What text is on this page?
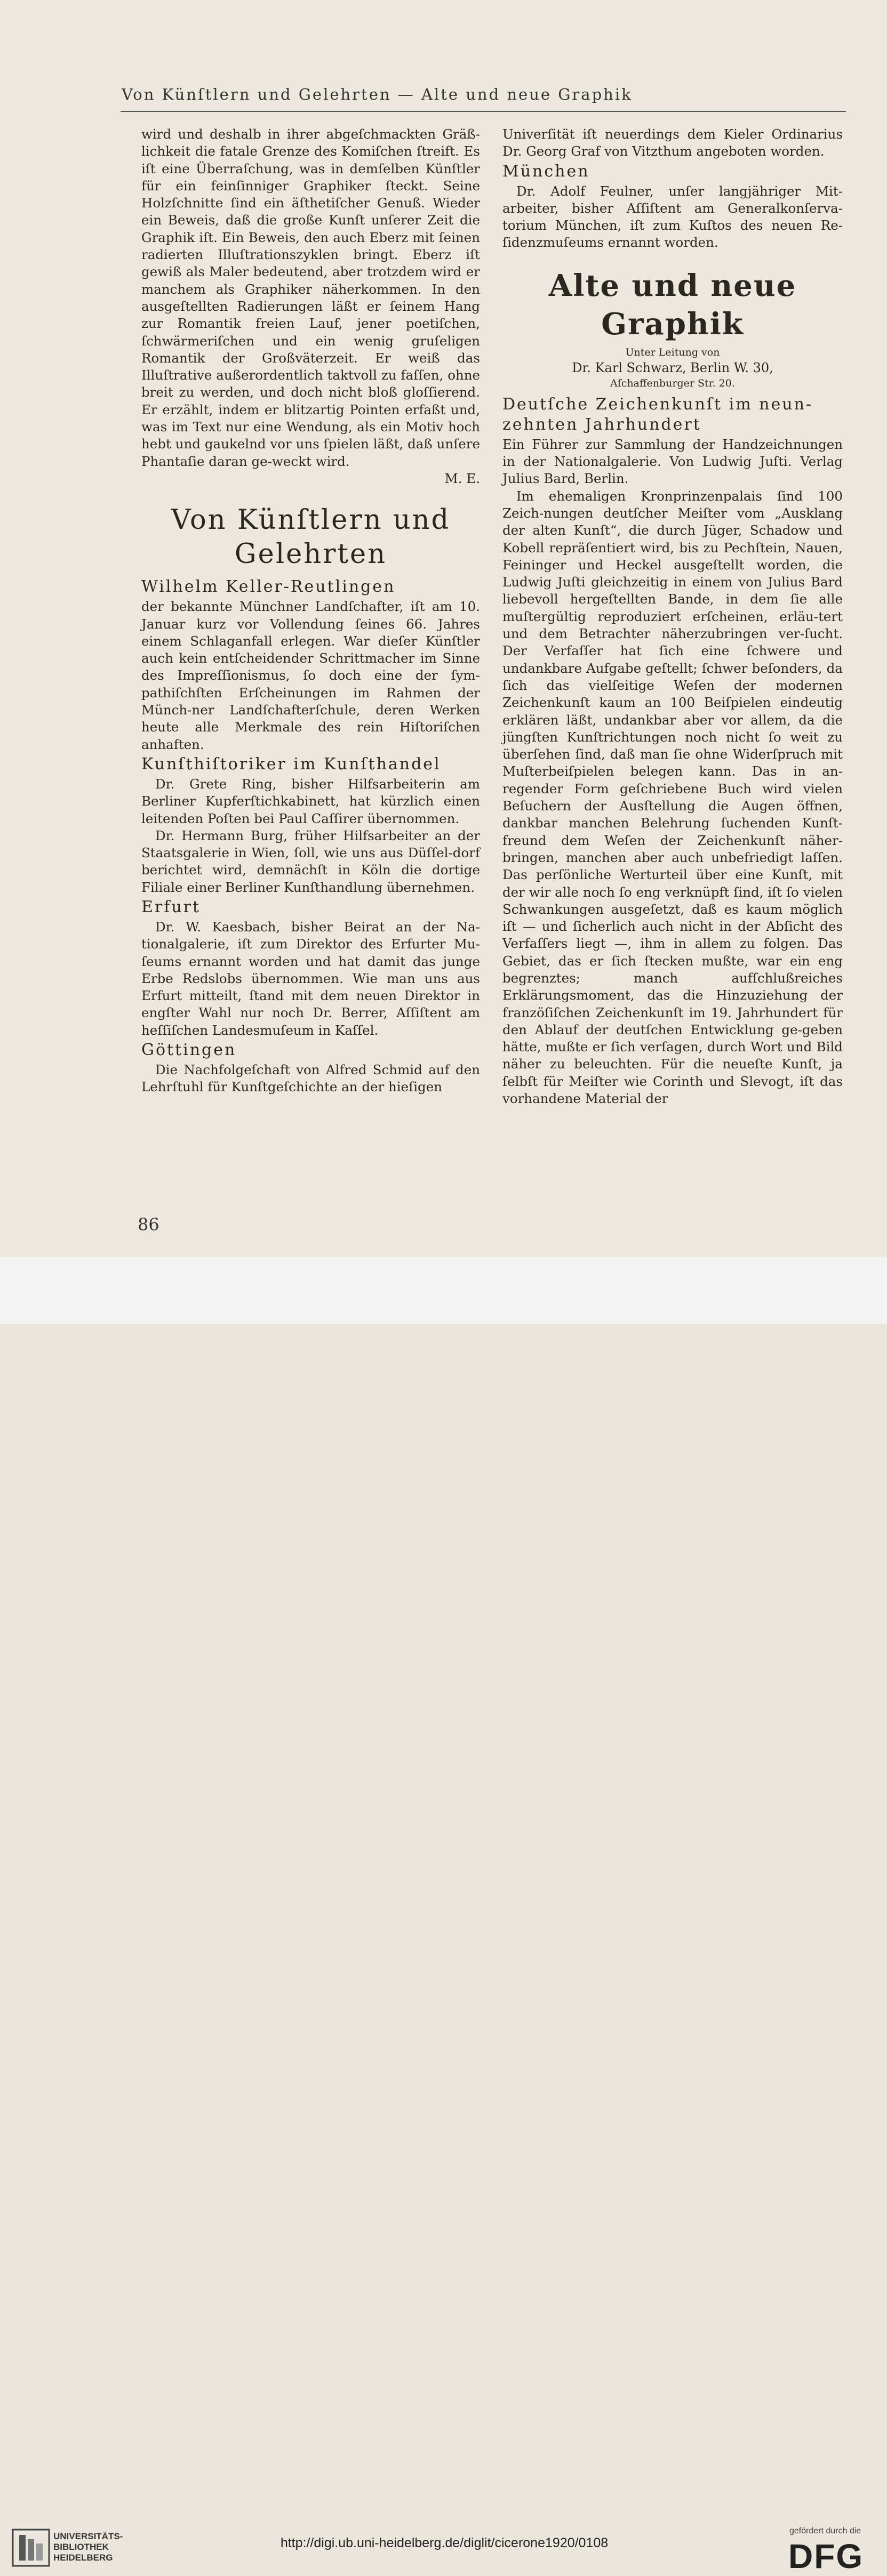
Von Künſtlern und Gelehrten — Alte und neue Graphik

wird und deshalb in ihrer abgeſchmackten Gräß-lichkeit die fatale Grenze des Komiſchen ſtreift. Es iſt eine Überraſchung, was in demſelben Künſtler für ein feinſinniger Graphiker ſteckt. Seine Holzſchnitte ſind ein äſthetiſcher Genuß. Wieder ein Beweis, daß die große Kunſt unſerer Zeit die Graphik iſt. Ein Beweis, den auch Eberz mit ſeinen radierten Illuſtrationszyklen bringt. Eberz iſt gewiß als Maler bedeutend, aber trotzdem wird er manchem als Graphiker näherkommen. In den ausgeſtellten Radierungen läßt er ſeinem Hang zur Romantik freien Lauf, jener poetiſchen, ſchwärmeriſchen und ein wenig gruſeligen Romantik der Großväterzeit. Er weiß das Illuſtrative außerordentlich taktvoll zu faſſen, ohne breit zu werden, und doch nicht bloß gloſſierend. Er erzählt, indem er blitzartig Pointen erfaßt und, was im Text nur eine Wendung, als ein Motiv hoch hebt und gaukelnd vor uns ſpielen läßt, daß unſere Phantaſie daran ge-weckt wird.

M. E.

Von Künſtlern und
Gelehrten
Wilhelm Keller-Reutlingen

der bekannte Münchner Landſchafter, iſt am 10. Januar kurz vor Vollendung ſeines 66. Jahres einem Schlaganfall erlegen. War dieſer Künſtler auch kein entſcheidender Schrittmacher im Sinne des Impreſſionismus, ſo doch eine der ſym-pathiſchſten Erſcheinungen im Rahmen der Münch-ner Landſchafterſchule, deren Werken heute alle Merkmale des rein Hiſtoriſchen anhaften.

Kunſthiſtoriker im Kunſthandel

Dr. Grete Ring, bisher Hilfsarbeiterin am Berliner Kupferſtichkabinett, hat kürzlich einen leitenden Poſten bei Paul Caſſirer übernommen.

Dr. Hermann Burg, früher Hilfsarbeiter an der Staatsgalerie in Wien, ſoll, wie uns aus Düſſel-dorf berichtet wird, demnächſt in Köln die dortige Filiale einer Berliner Kunſthandlung übernehmen.

Erfurt

Dr. W. Kaesbach, bisher Beirat an der Na-tionalgalerie, iſt zum Direktor des Erfurter Mu-ſeums ernannt worden und hat damit das junge Erbe Redslobs übernommen. Wie man uns aus Erfurt mitteilt, ſtand mit dem neuen Direktor in engſter Wahl nur noch Dr. Berrer, Aſſiſtent am heſſiſchen Landesmuſeum in Kaſſel.

Göttingen

Die Nachfolgeſchaft von Alfred Schmid auf den Lehrſtuhl für Kunſtgeſchichte an der hieſigen

Univerſität iſt neuerdings dem Kieler Ordinarius Dr. Georg Graf von Vitzthum angeboten worden.

München

Dr. Adolf Feulner, unſer langjähriger Mit-arbeiter, bisher Aſſiſtent am Generalkonſerva-torium München, iſt zum Kuſtos des neuen Re-ſidenzmuſeums ernannt worden.

Alte und neue Graphik
Unter Leitung von
Dr. Karl Schwarz, Berlin W. 30,
Aſchaffenburger Str. 20.
Deutſche Zeichenkunſt im neun-zehnten Jahrhundert

Ein Führer zur Sammlung der Handzeichnungen in der Nationalgalerie. Von Ludwig Juſti. Verlag Julius Bard, Berlin.

Im ehemaligen Kronprinzenpalais ſind 100 Zeich-nungen deutſcher Meiſter vom „Ausklang der alten Kunſt“, die durch Jüger, Schadow und Kobell repräſentiert wird, bis zu Pechſtein, Nauen, Feininger und Heckel ausgeſtellt worden, die Ludwig Juſti gleichzeitig in einem von Julius Bard liebevoll hergeſtellten Bande, in dem ſie alle muſtergültig reproduziert erſcheinen, erläu-tert und dem Betrachter näherzubringen ver-ſucht. Der Verfaſſer hat ſich eine ſchwere und undankbare Aufgabe geſtellt; ſchwer beſonders, da ſich das vielſeitige Weſen der modernen Zeichenkunſt kaum an 100 Beiſpielen eindeutig erklären läßt, undankbar aber vor allem, da die jüngſten Kunſtrichtungen noch nicht ſo weit zu überſehen ſind, daß man ſie ohne Widerſpruch mit Muſterbeiſpielen belegen kann. Das in an-regender Form geſchriebene Buch wird vielen Beſuchern der Ausſtellung die Augen öffnen, dankbar manchen Belehrung ſuchenden Kunſt-freund dem Weſen der Zeichenkunſt näher-bringen, manchen aber auch unbefriedigt laſſen. Das perſönliche Werturteil über eine Kunſt, mit der wir alle noch ſo eng verknüpft ſind, iſt ſo vielen Schwankungen ausgeſetzt, daß es kaum möglich iſt — und ſicherlich auch nicht in der Abſicht des Verfaſſers liegt —, ihm in allem zu folgen. Das Gebiet, das er ſich ſtecken mußte, war ein eng begrenztes; manch aufſchlußreiches Erklärungsmoment, das die Hinzuziehung der franzöſiſchen Zeichenkunſt im 19. Jahrhundert für den Ablauf der deutſchen Entwicklung ge-geben hätte, mußte er ſich verſagen, durch Wort und Bild näher zu beleuchten. Für die neueſte Kunſt, ja ſelbſt für Meiſter wie Corinth und Slevogt, iſt das vorhandene Material der

86
UNIVERSITÄTS-
BIBLIOTHEK
HEIDELBERG
http://digi.ub.uni-heidelberg.de/diglit/cicerone1920/0108
gefördert durch die
DFG
